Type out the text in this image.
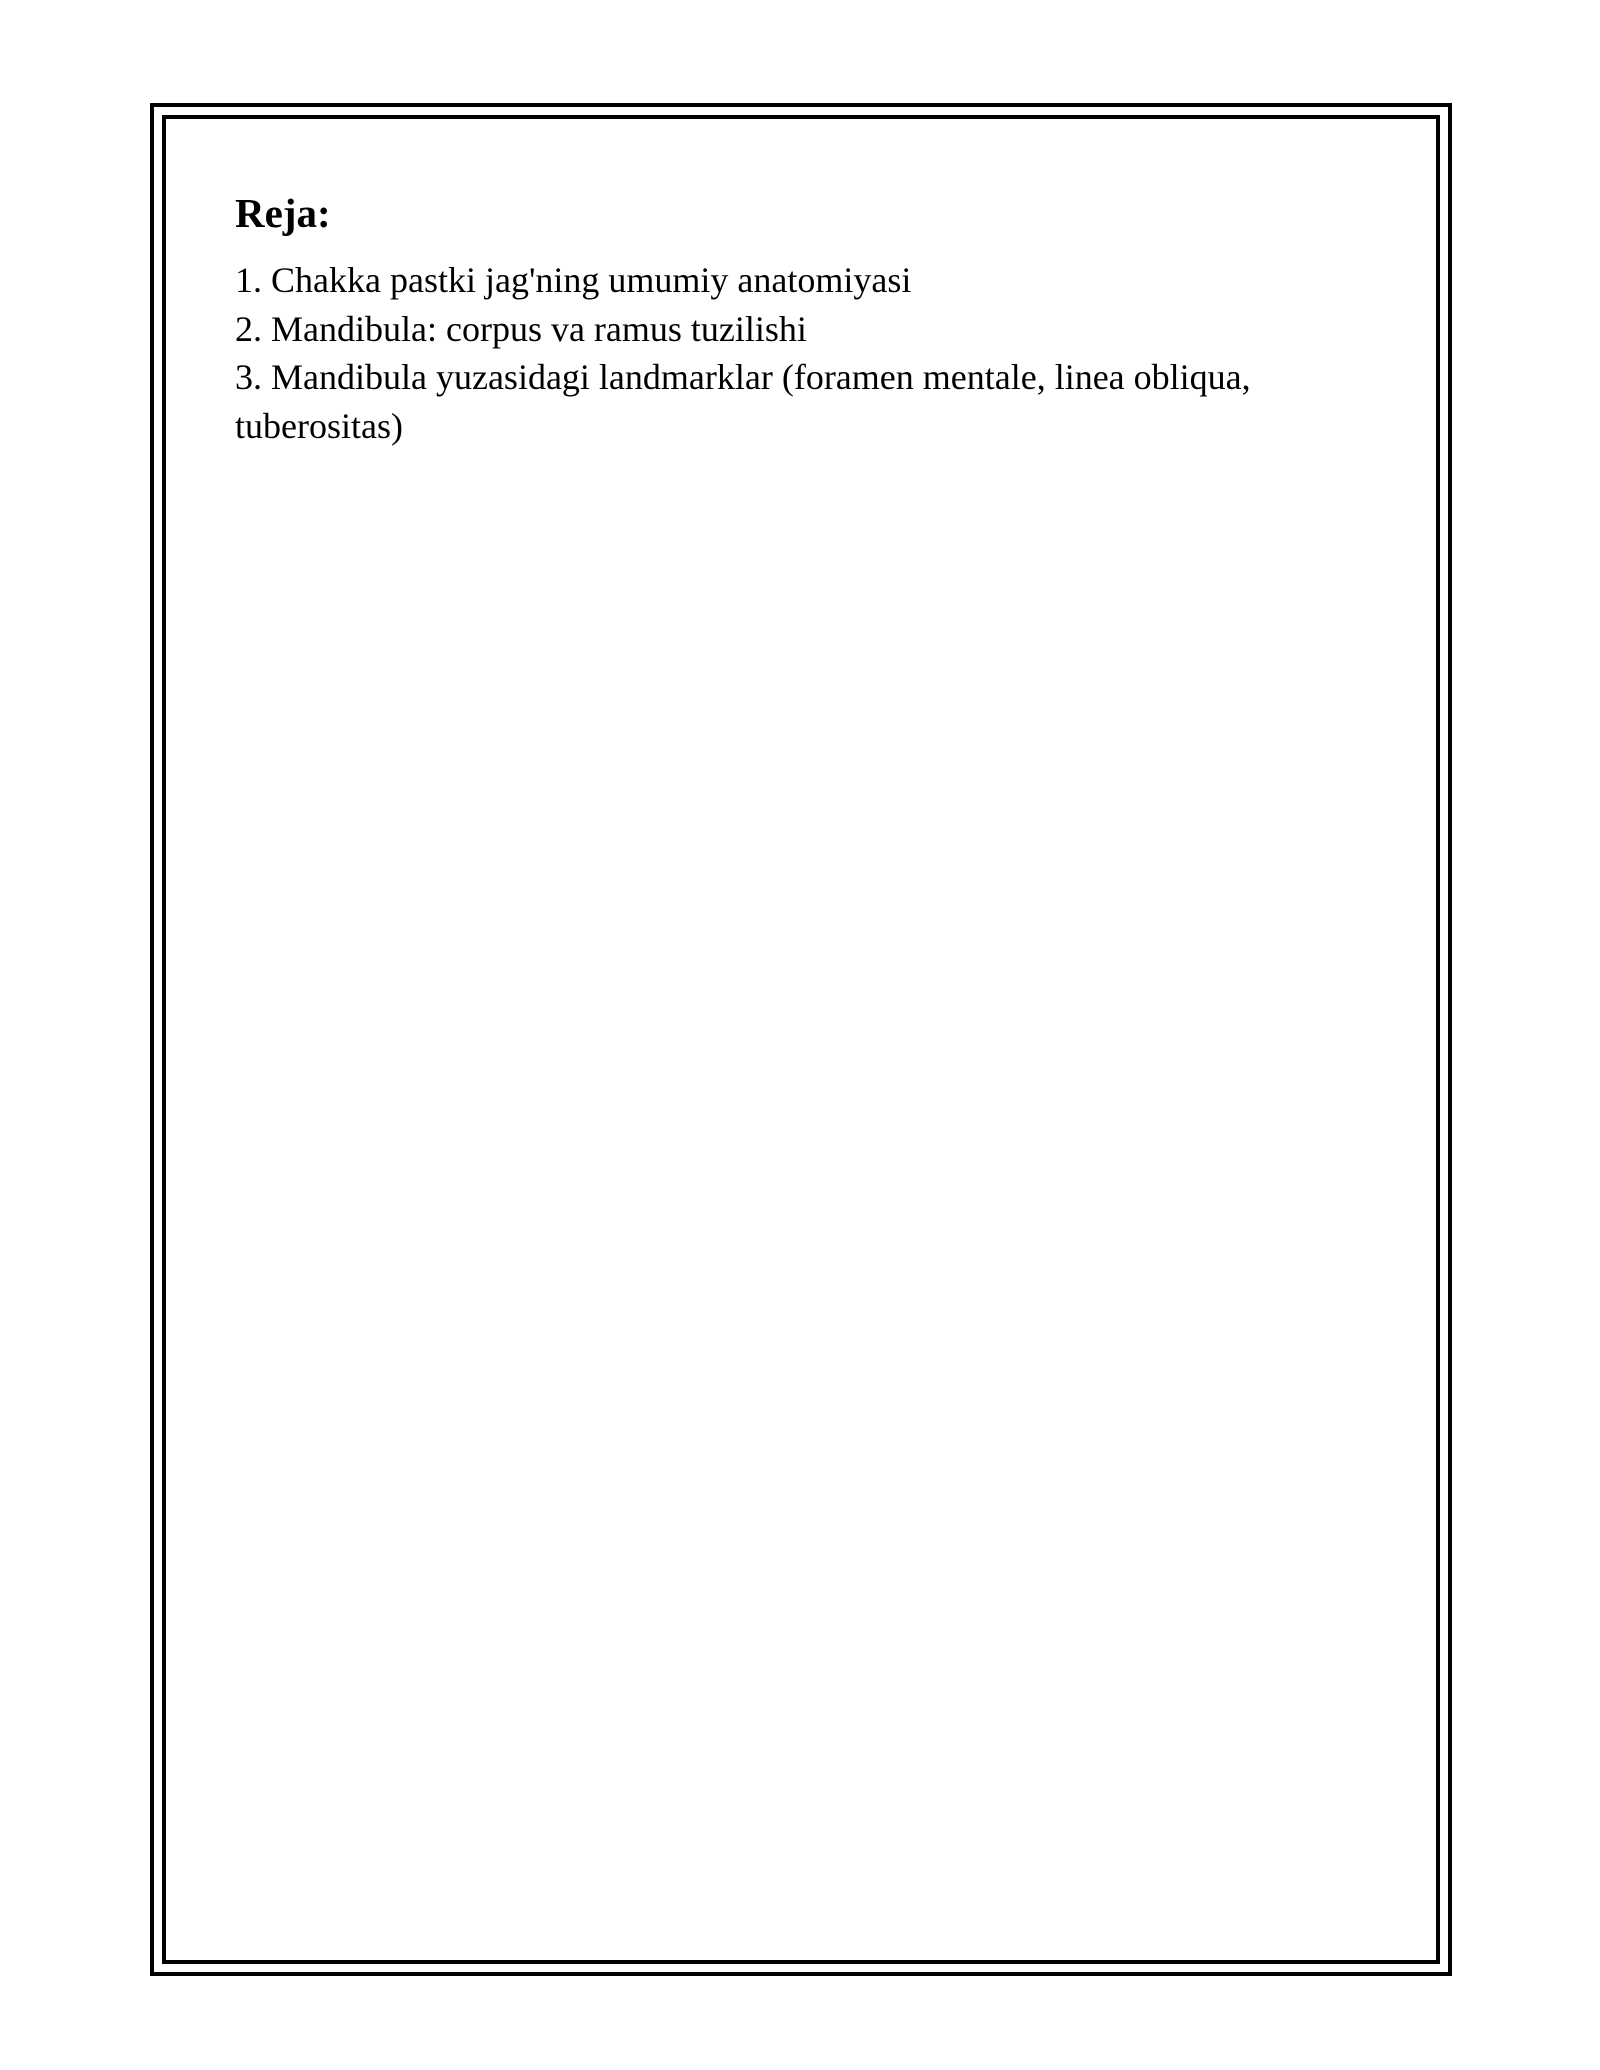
Reja:
1. Chakka pastki jag'ning umumiy anatomiyasi
2. Mandibula: corpus va ramus tuzilishi
3. Mandibula yuzasidagi landmarklar (foramen mentale, linea obliqua, tuberositas)
